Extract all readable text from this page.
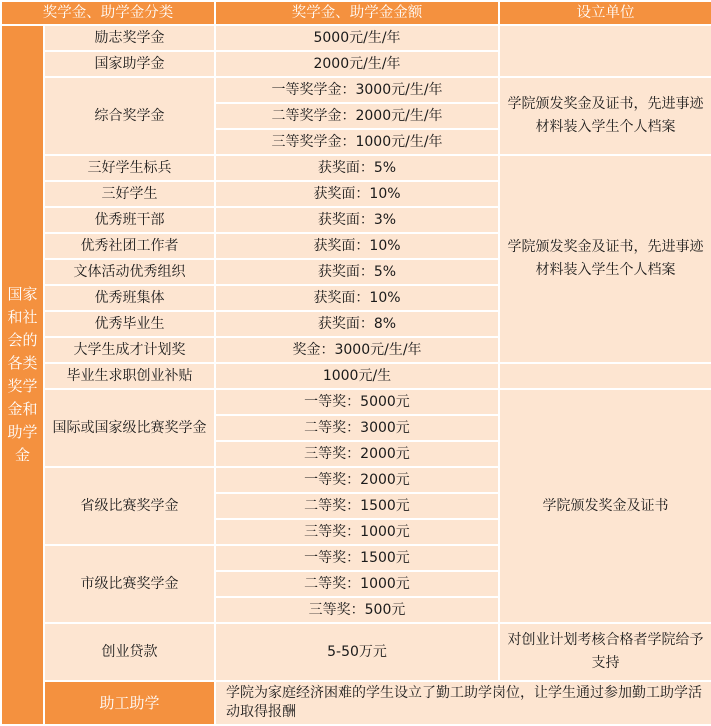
奖学金、助学金分类		奖学金、助学金金额	设立单位
国家和社会的各类奖学金和助学金	励志奖学金	5000元/生/年	
	国家助学金	2000元/生/年	
	综合奖学金	一等奖学金：3000元/生/年	学院颁发奖金及证书，先进事迹材料装入学生个人档案
		二等奖学金：2000元/生/年	
		三等奖学金：1000元/生/年	
	三好学生标兵	获奖面：5%	学院颁发奖金及证书，先进事迹材料装入学生个人档案
	三好学生	获奖面：10%	
	优秀班干部	获奖面：3%	
	优秀社团工作者	获奖面：10%	
	文体活动优秀组织	获奖面：5%	
	优秀班集体	获奖面：10%	
	优秀毕业生	获奖面：8%	
	大学生成才计划奖	奖金：3000元/生/年	
	毕业生求职创业补贴	1000元/生	
	国际或国家级比赛奖学金	一等奖：5000元	学院颁发奖金及证书
		二等奖：3000元	
		三等奖：2000元	
	省级比赛奖学金	一等奖：2000元	
		二等奖：1500元	
		三等奖：1000元	
	市级比赛奖学金	一等奖：1500元	
		二等奖：1000元	
		三等奖：500元	
	创业贷款	5-50万元	对创业计划考核合格者学院给予支持
	助工助学	学院为家庭经济困难的学生设立了勤工助学岗位，让学生通过参加勤工助学活动取得报酬	
